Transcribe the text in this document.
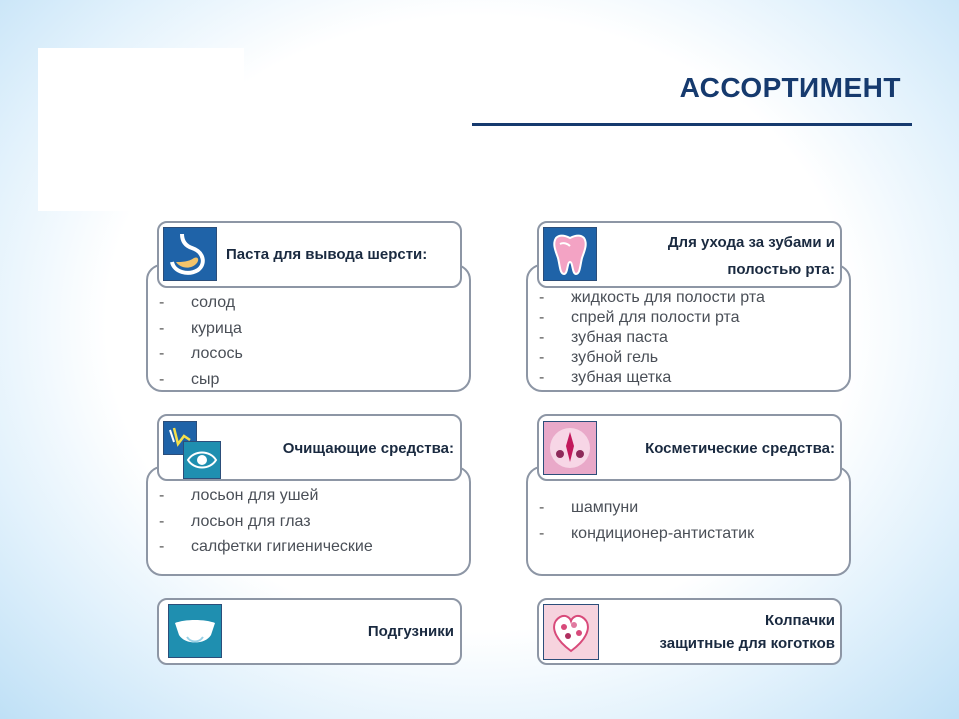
АССОРТИМЕНТ
Паста для вывода шерсти:
- солод
- курица
- лосось
- сыр
Для ухода за зубами и
полостью рта:
- жидкость для полости рта
- спрей для полости рта
- зубная паста
- зубной гель
- зубная щетка
Очищающие средства:
- лосьон для ушей
- лосьон для глаз
- салфетки гигиенические
Косметические средства:
- шампуни
- кондиционер-антистатик
Подгузники
Колпачки
защитные для коготков
